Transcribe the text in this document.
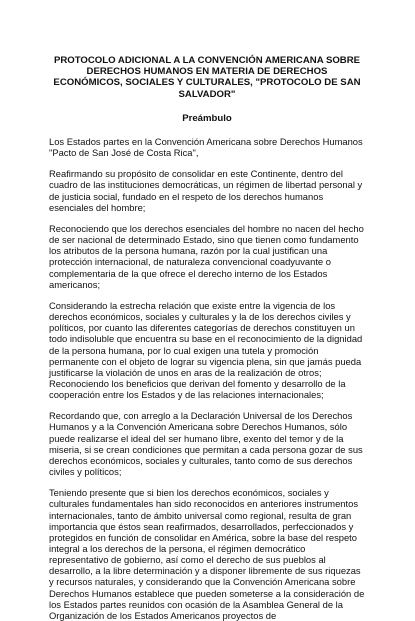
PROTOCOLO ADICIONAL A LA CONVENCIÓN AMERICANA SOBRE DERECHOS HUMANOS EN MATERIA DE DERECHOS ECONÓMICOS, SOCIALES Y CULTURALES, "PROTOCOLO DE SAN SALVADOR"
Preámbulo

Los Estados partes en la Convención Americana sobre Derechos Humanos "Pacto de San José de Costa Rica",

Reafirmando su propósito de consolidar en este Continente, dentro del cuadro de las instituciones democráticas, un régimen de libertad personal y de justicia social, fundado en el respeto de los derechos humanos esenciales del hombre;

Reconociendo que los derechos esenciales del hombre no nacen del hecho de ser nacional de determinado Estado, sino que tienen como fundamento los atributos de la persona humana, razón por la cual justifican una protección internacional, de naturaleza convencional coadyuvante o complementaria de la que ofrece el derecho interno de los Estados americanos;

Considerando la estrecha relación que existe entre la vigencia de los derechos económicos, sociales y culturales y la de los derechos civiles y políticos, por cuanto las diferentes categorías de derechos constituyen un todo indisoluble que encuentra su base en el reconocimiento de la dignidad de la persona humana, por lo cual exigen una tutela y promoción permanente con el objeto de lograr su vigencia plena, sin que jamás pueda justificarse la violación de unos en aras de la realización de otros; Reconociendo los beneficios que derivan del fomento y desarrollo de la cooperación entre los Estados y de las relaciones internacionales;

Recordando que, con arreglo a la Declaración Universal de los Derechos Humanos y a la Convención Americana sobre Derechos Humanos, sólo puede realizarse el ideal del ser humano libre, exento del temor y de la miseria, si se crean condiciones que permitan a cada persona gozar de sus derechos económicos, sociales y culturales, tanto como de sus derechos civiles y políticos;

Teniendo presente que si bien los derechos económicos, sociales y culturales fundamentales han sido reconocidos en anteriores instrumentos internacionales, tanto de ámbito universal como regional, resulta de gran importancia que éstos sean reafirmados, desarrollados, perfeccionados y protegidos en función de consolidar en América, sobre la base del respeto integral a los derechos de la persona, el régimen democrático representativo de gobierno, así como el derecho de sus pueblos al desarrollo, a la libre determinación y a disponer libremente de sus riquezas y recursos naturales, y considerando que la Convención Americana sobre Derechos Humanos establece que pueden someterse a la consideración de los Estados partes reunidos con ocasión de la Asamblea General de la Organización de los Estados Americanos proyectos de
